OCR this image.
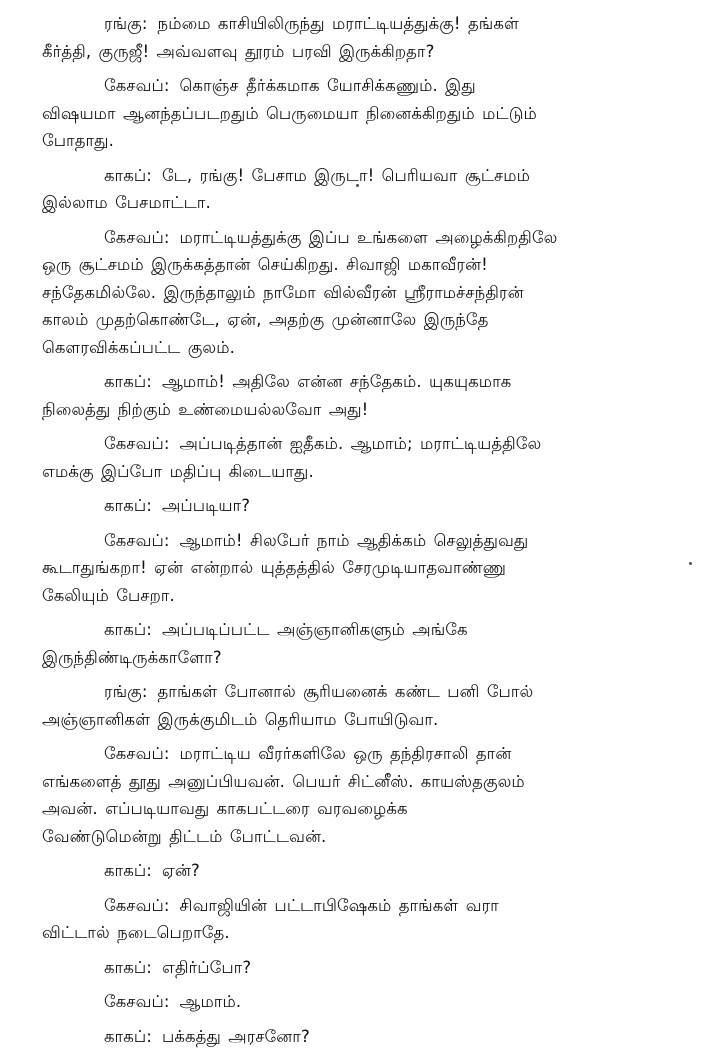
ரங்கு: நம்மை காசியிலிருந்து மராட்டியத்துக்கு! தங்கள்
கீர்த்தி, குருஜீ! அவ்வளவு தூரம் பரவி இருக்கிறதா?

கேசவப்: கொஞ்ச தீர்க்கமாக யோசிக்கணும். இது
விஷயமா ஆனந்தப்படறதும் பெருமையா நினைக்கிறதும் மட்டும்
போதாது.

காகப்: டே, ரங்கு! பேசாம இருடா! பெரியவா சூட்சமம்
இல்லாம பேசமாட்டா.

கேசவப்: மராட்டியத்துக்கு இப்ப உங்களை அழைக்கிறதிலே
ஒரு சூட்சமம் இருக்கத்தான் செய்கிறது. சிவாஜி மகாவீரன்!
சந்தேகமில்லே. இருந்தாலும் நாமோ வில்வீரன் ஸ்ரீராமச்சந்திரன்
காலம் முதற்கொண்டே, ஏன், அதற்கு முன்னாலே இருந்தே
கௌரவிக்கப்பட்ட குலம்.

காகப்: ஆமாம்! அதிலே என்ன சந்தேகம். யுகயுகமாக
நிலைத்து நிற்கும் உண்மையல்லவோ அது!

கேசவப்: அப்படித்தான் ஐதீகம். ஆமாம்; மராட்டியத்திலே
எமக்கு இப்போ மதிப்பு கிடையாது.

காகப்: அப்படியா?

கேசவப்: ஆமாம்! சிலபேர் நாம் ஆதிக்கம் செலுத்துவது
கூடாதுங்கறா! ஏன் என்றால் யுத்தத்தில் சேரமுடியாதவாண்ணு
கேலியும் பேசறா.

காகப்: அப்படிப்பட்ட அஞ்ஞானிகளும் அங்கே
இருந்திண்டிருக்காளோ?

ரங்கு: தாங்கள் போனால் சூரியனைக் கண்ட பனி போல்
அஞ்ஞானிகள் இருக்குமிடம் தெரியாம போயிடுவா.

கேசவப்: மராட்டிய வீரர்களிலே ஒரு தந்திரசாலி தான்
எங்களைத் தூது அனுப்பியவன். பெயர் சிட்னீஸ். காயஸ்தகுலம்
அவன். எப்படியாவது காகபட்டரை வரவழைக்க
வேண்டுமென்று திட்டம் போட்டவன்.

காகப்: ஏன்?

கேசவப்: சிவாஜியின் பட்டாபிஷேகம் தாங்கள் வரா
விட்டால் நடைபெறாதே.

காகப்: எதிர்ப்போ?

கேசவப்: ஆமாம்.

காகப்: பக்கத்து அரசனோ?
